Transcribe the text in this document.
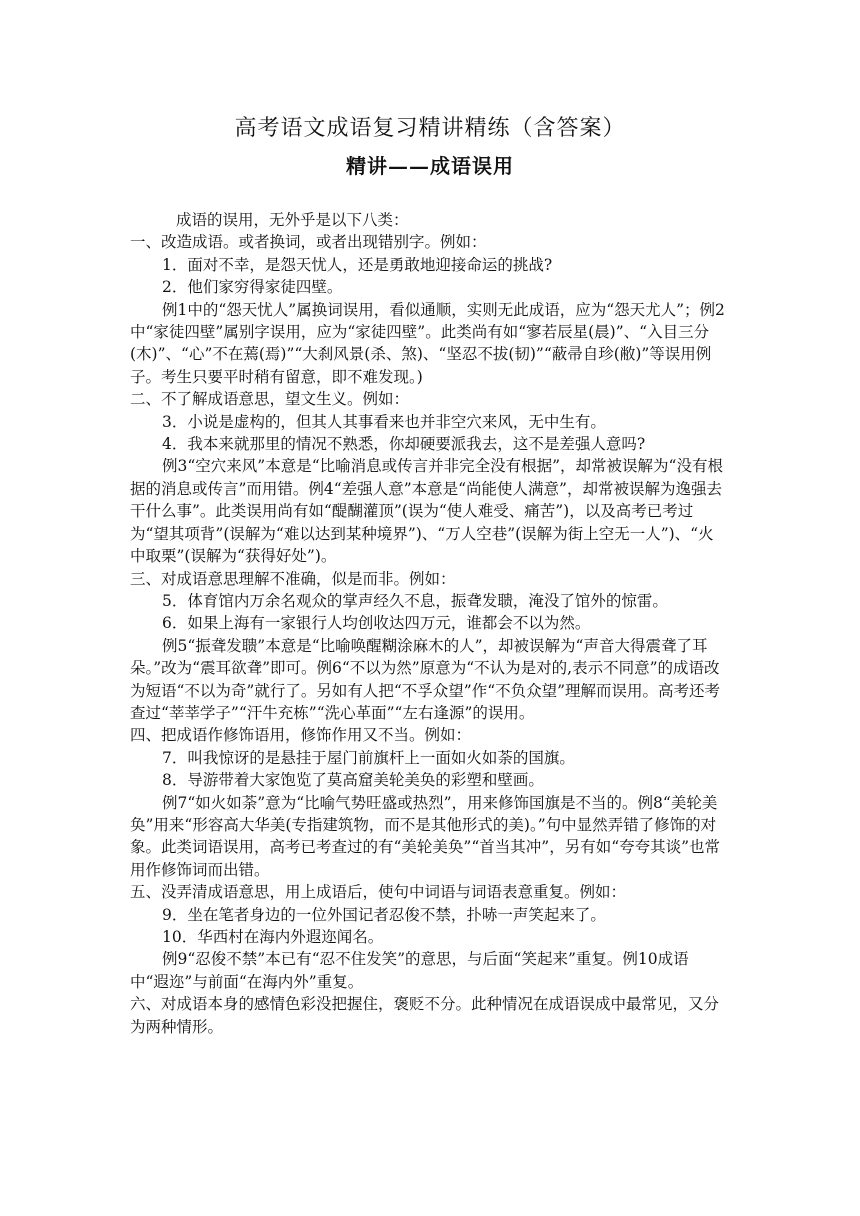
高考语文成语复习精讲精练（含答案）
精讲——成语误用

成语的误用，无外乎是以下八类：

一、改造成语。或者换词，或者出现错别字。例如：

1．面对不幸，是怨天忧人，还是勇敢地迎接命运的挑战?

2．他们家穷得家徒四壁。

例1中的“怨天忧人”属换词误用，看似通顺，实则无此成语，应为“怨天尤人”；例2中“家徒四壁”属别字误用，应为“家徒四壁”。此类尚有如“寥若辰星(晨)”、“入目三分(木)”、“心”不在蔫(焉)”“大刹风景(杀、煞)、“坚忍不拔(韧)”“蔽帚自珍(敝)”等误用例子。考生只要平时稍有留意，即不难发现。)

二、不了解成语意思，望文生义。例如：

3．小说是虚构的，但其人其事看来也并非空穴来风，无中生有。

4．我本来就那里的情况不熟悉，你却硬要派我去，这不是差强人意吗?

例3“空穴来风”本意是“比喻消息或传言并非完全没有根据”，却常被误解为“没有根据的消息或传言”而用错。例4“差强人意”本意是“尚能使人满意”，却常被误解为逸强去干什么事”。此类误用尚有如“醍醐灌顶”(误为“使人难受、痛苦”)，以及高考已考过为“望其项背”(误解为“难以达到某种境界”)、“万人空巷”(误解为街上空无一人”)、“火中取栗”(误解为“获得好处”)。

三、对成语意思理解不准确，似是而非。例如：

5．体育馆内万余名观众的掌声经久不息，振聋发聩，淹没了馆外的惊雷。

6．如果上海有一家银行人均创收达四万元，谁都会不以为然。

例5“振聋发聩”本意是“比喻唤醒糊涂麻木的人”，却被误解为“声音大得震聋了耳朵。”改为“震耳欲聋”即可。例6“不以为然”原意为“不认为是对的,表示不同意”的成语改为短语“不以为奇”就行了。另如有人把“不孚众望”作“不负众望”理解而误用。高考还考查过“莘莘学子”“汗牛充栋”“洗心革面”“左右逢源”的误用。

四、把成语作修饰语用，修饰作用又不当。例如：

7．叫我惊讶的是悬挂于屋门前旗杆上一面如火如荼的国旗。

8．导游带着大家饱览了莫高窟美轮美奂的彩塑和壁画。

例7“如火如荼”意为“比喻气势旺盛或热烈”，用来修饰国旗是不当的。例8“美轮美奂”用来“形容高大华美(专指建筑物，而不是其他形式的美)。”句中显然弄错了修饰的对象。此类词语误用，高考已考查过的有“美轮美奂”“首当其冲”，另有如“夸夸其谈”也常用作修饰词而出错。

五、没弄清成语意思，用上成语后，使句中词语与词语表意重复。例如：

9．坐在笔者身边的一位外国记者忍俊不禁，扑哧一声笑起来了。

10．华西村在海内外遐迩闻名。

例9“忍俊不禁”本已有“忍不住发笑”的意思，与后面“笑起来”重复。例10成语中“遐迩”与前面“在海内外”重复。

六、对成语本身的感情色彩没把握住，褒贬不分。此种情况在成语误成中最常见，又分为两种情形。
